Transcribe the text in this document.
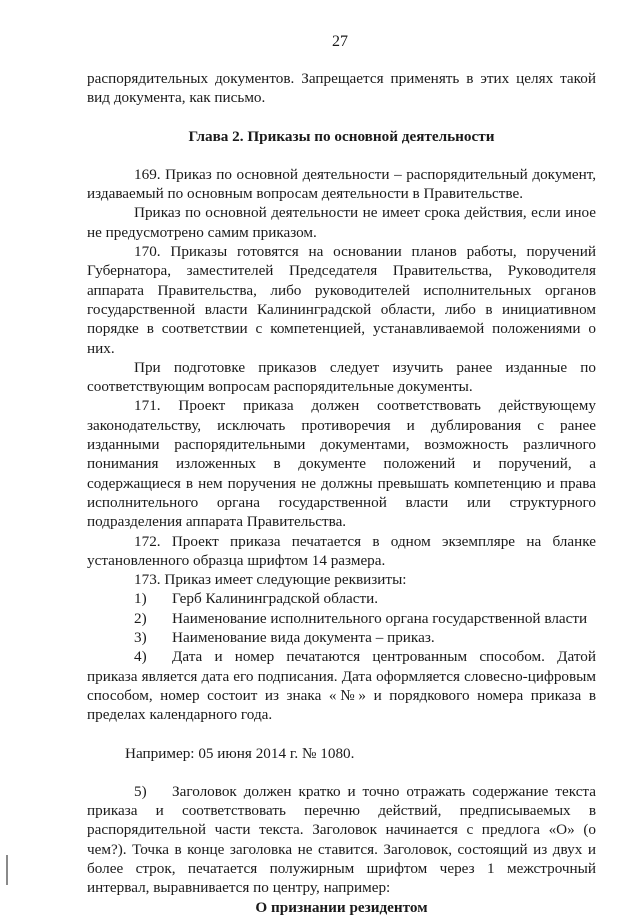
27

распорядительных документов. Запрещается применять в этих целях такой вид документа, как письмо.

Глава 2. Приказы по основной деятельности

169. Приказ по основной деятельности – распорядительный документ, издаваемый по основным вопросам деятельности в Правительстве.

Приказ по основной деятельности не имеет срока действия, если иное не предусмотрено самим приказом.

170. Приказы готовятся на основании планов работы, поручений Губернатора, заместителей Председателя Правительства, Руководителя аппарата Правительства, либо руководителей исполнительных органов государственной власти Калининградской области, либо в инициативном порядке в соответствии с компетенцией, устанавливаемой положениями о них.

При подготовке приказов следует изучить ранее изданные по соответствующим вопросам распорядительные документы.

171. Проект приказа должен соответствовать действующему законодательству, исключать противоречия и дублирования с ранее изданными распорядительными документами, возможность различного понимания изложенных в документе положений и поручений, а содержащиеся в нем поручения не должны превышать компетенцию и права исполнительного органа государственной власти или структурного подразделения аппарата Правительства.

172. Проект приказа печатается в одном экземпляре на бланке установленного образца шрифтом 14 размера.

173. Приказ имеет следующие реквизиты:

1)	Герб Калининградской области.
2)	Наименование исполнительного органа государственной власти
3)	Наименование вида документа – приказ.

4) Дата и номер печатаются центрованным способом. Датой приказа является дата его подписания. Дата оформляется словесно-цифровым способом, номер состоит из знака «№» и порядкового номера приказа в пределах календарного года.

Например: 05 июня 2014 г. № 1080.

5) Заголовок должен кратко и точно отражать содержание текста приказа и соответствовать перечню действий, предписываемых в распорядительной части текста. Заголовок начинается с предлога «О» (о чем?). Точка в конце заголовка не ставится. Заголовок, состоящий из двух и более строк, печатается полужирным шрифтом через 1 межстрочный интервал, выравнивается по центру, например:

О признании резидентом
